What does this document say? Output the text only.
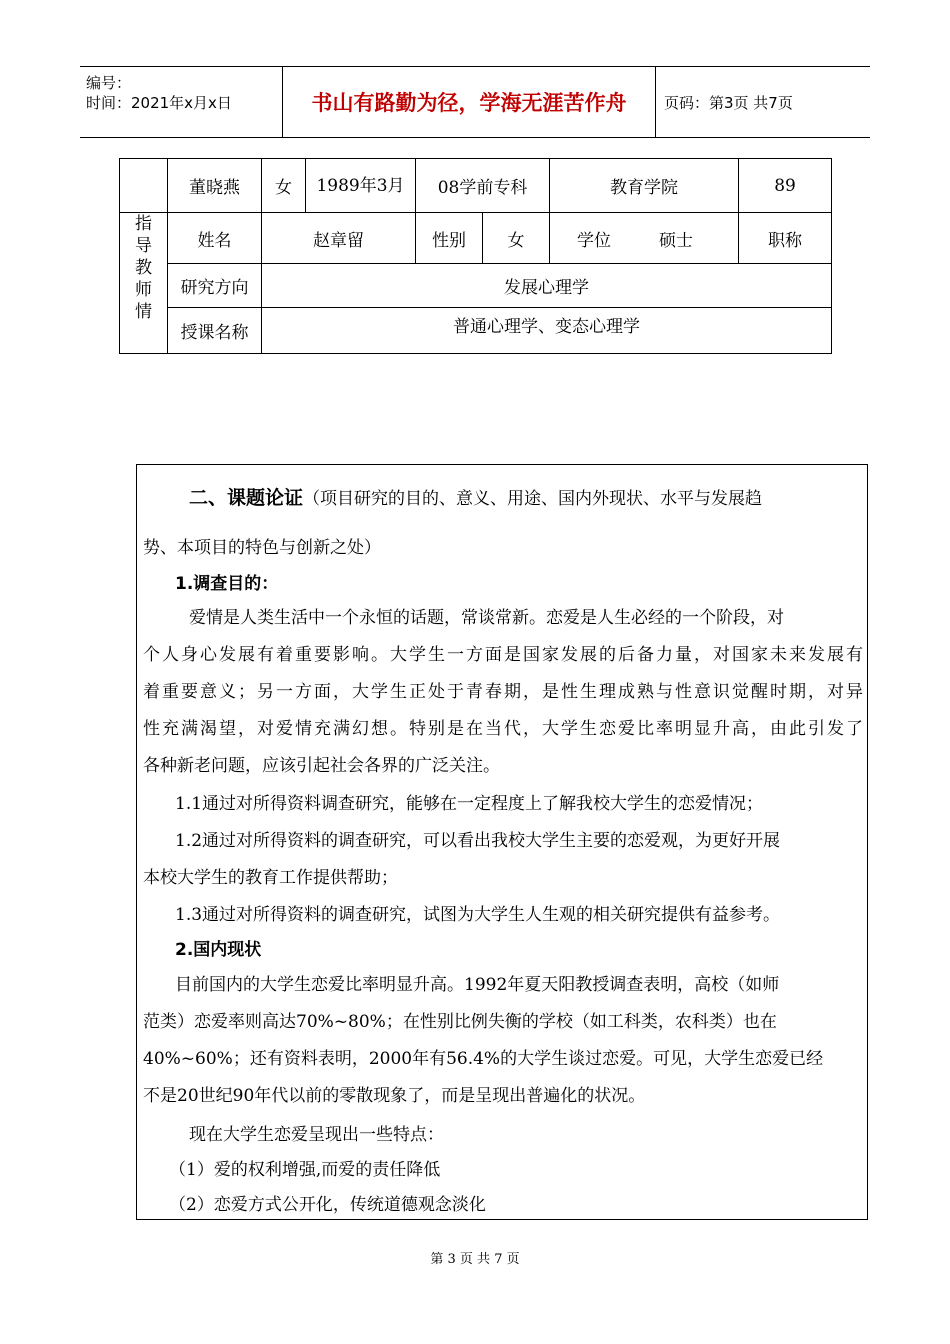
编号：
时间：2021年x月x日	书山有路勤为径，学海无涯苦作舟	页码：第3页 共7页
	董晓燕	女	1989年3月	08学前专科		教育学院	89	

指
导
教
师
情	姓名	赵章留		性别	女	学位 硕士	职称	
	研究方向	发展心理学						
	授课名称	普通心理学、变态心理学						
二、课题论证（项目研究的目的、意义、用途、国内外现状、水平与发展趋
势、本项目的特色与创新之处）
1.调查目的：
爱情是人类生活中一个永恒的话题，常谈常新。恋爱是人生必经的一个阶段，对
个人身心发展有着重要影响。大学生一方面是国家发展的后备力量，对国家未来发展有
着重要意义；另一方面，大学生正处于青春期，是性生理成熟与性意识觉醒时期，对异
性充满渴望，对爱情充满幻想。特别是在当代，大学生恋爱比率明显升高，由此引发了
各种新老问题，应该引起社会各界的广泛关注。
1.1通过对所得资料调查研究，能够在一定程度上了解我校大学生的恋爱情况；
1.2通过对所得资料的调查研究，可以看出我校大学生主要的恋爱观，为更好开展
本校大学生的教育工作提供帮助；
1.3通过对所得资料的调查研究，试图为大学生人生观的相关研究提供有益参考。
2.国内现状
目前国内的大学生恋爱比率明显升高。1992年夏天阳教授调查表明，高校（如师
范类）恋爱率则高达70%~80%；在性别比例失衡的学校（如工科类，农科类）也在
40%~60%；还有资料表明，2000年有56.4%的大学生谈过恋爱。可见，大学生恋爱已经
不是20世纪90年代以前的零散现象了，而是呈现出普遍化的状况。
现在大学生恋爱呈现出一些特点：
（1）爱的权利增强,而爱的责任降低
（2）恋爱方式公开化，传统道德观念淡化
第 3 页 共 7 页
